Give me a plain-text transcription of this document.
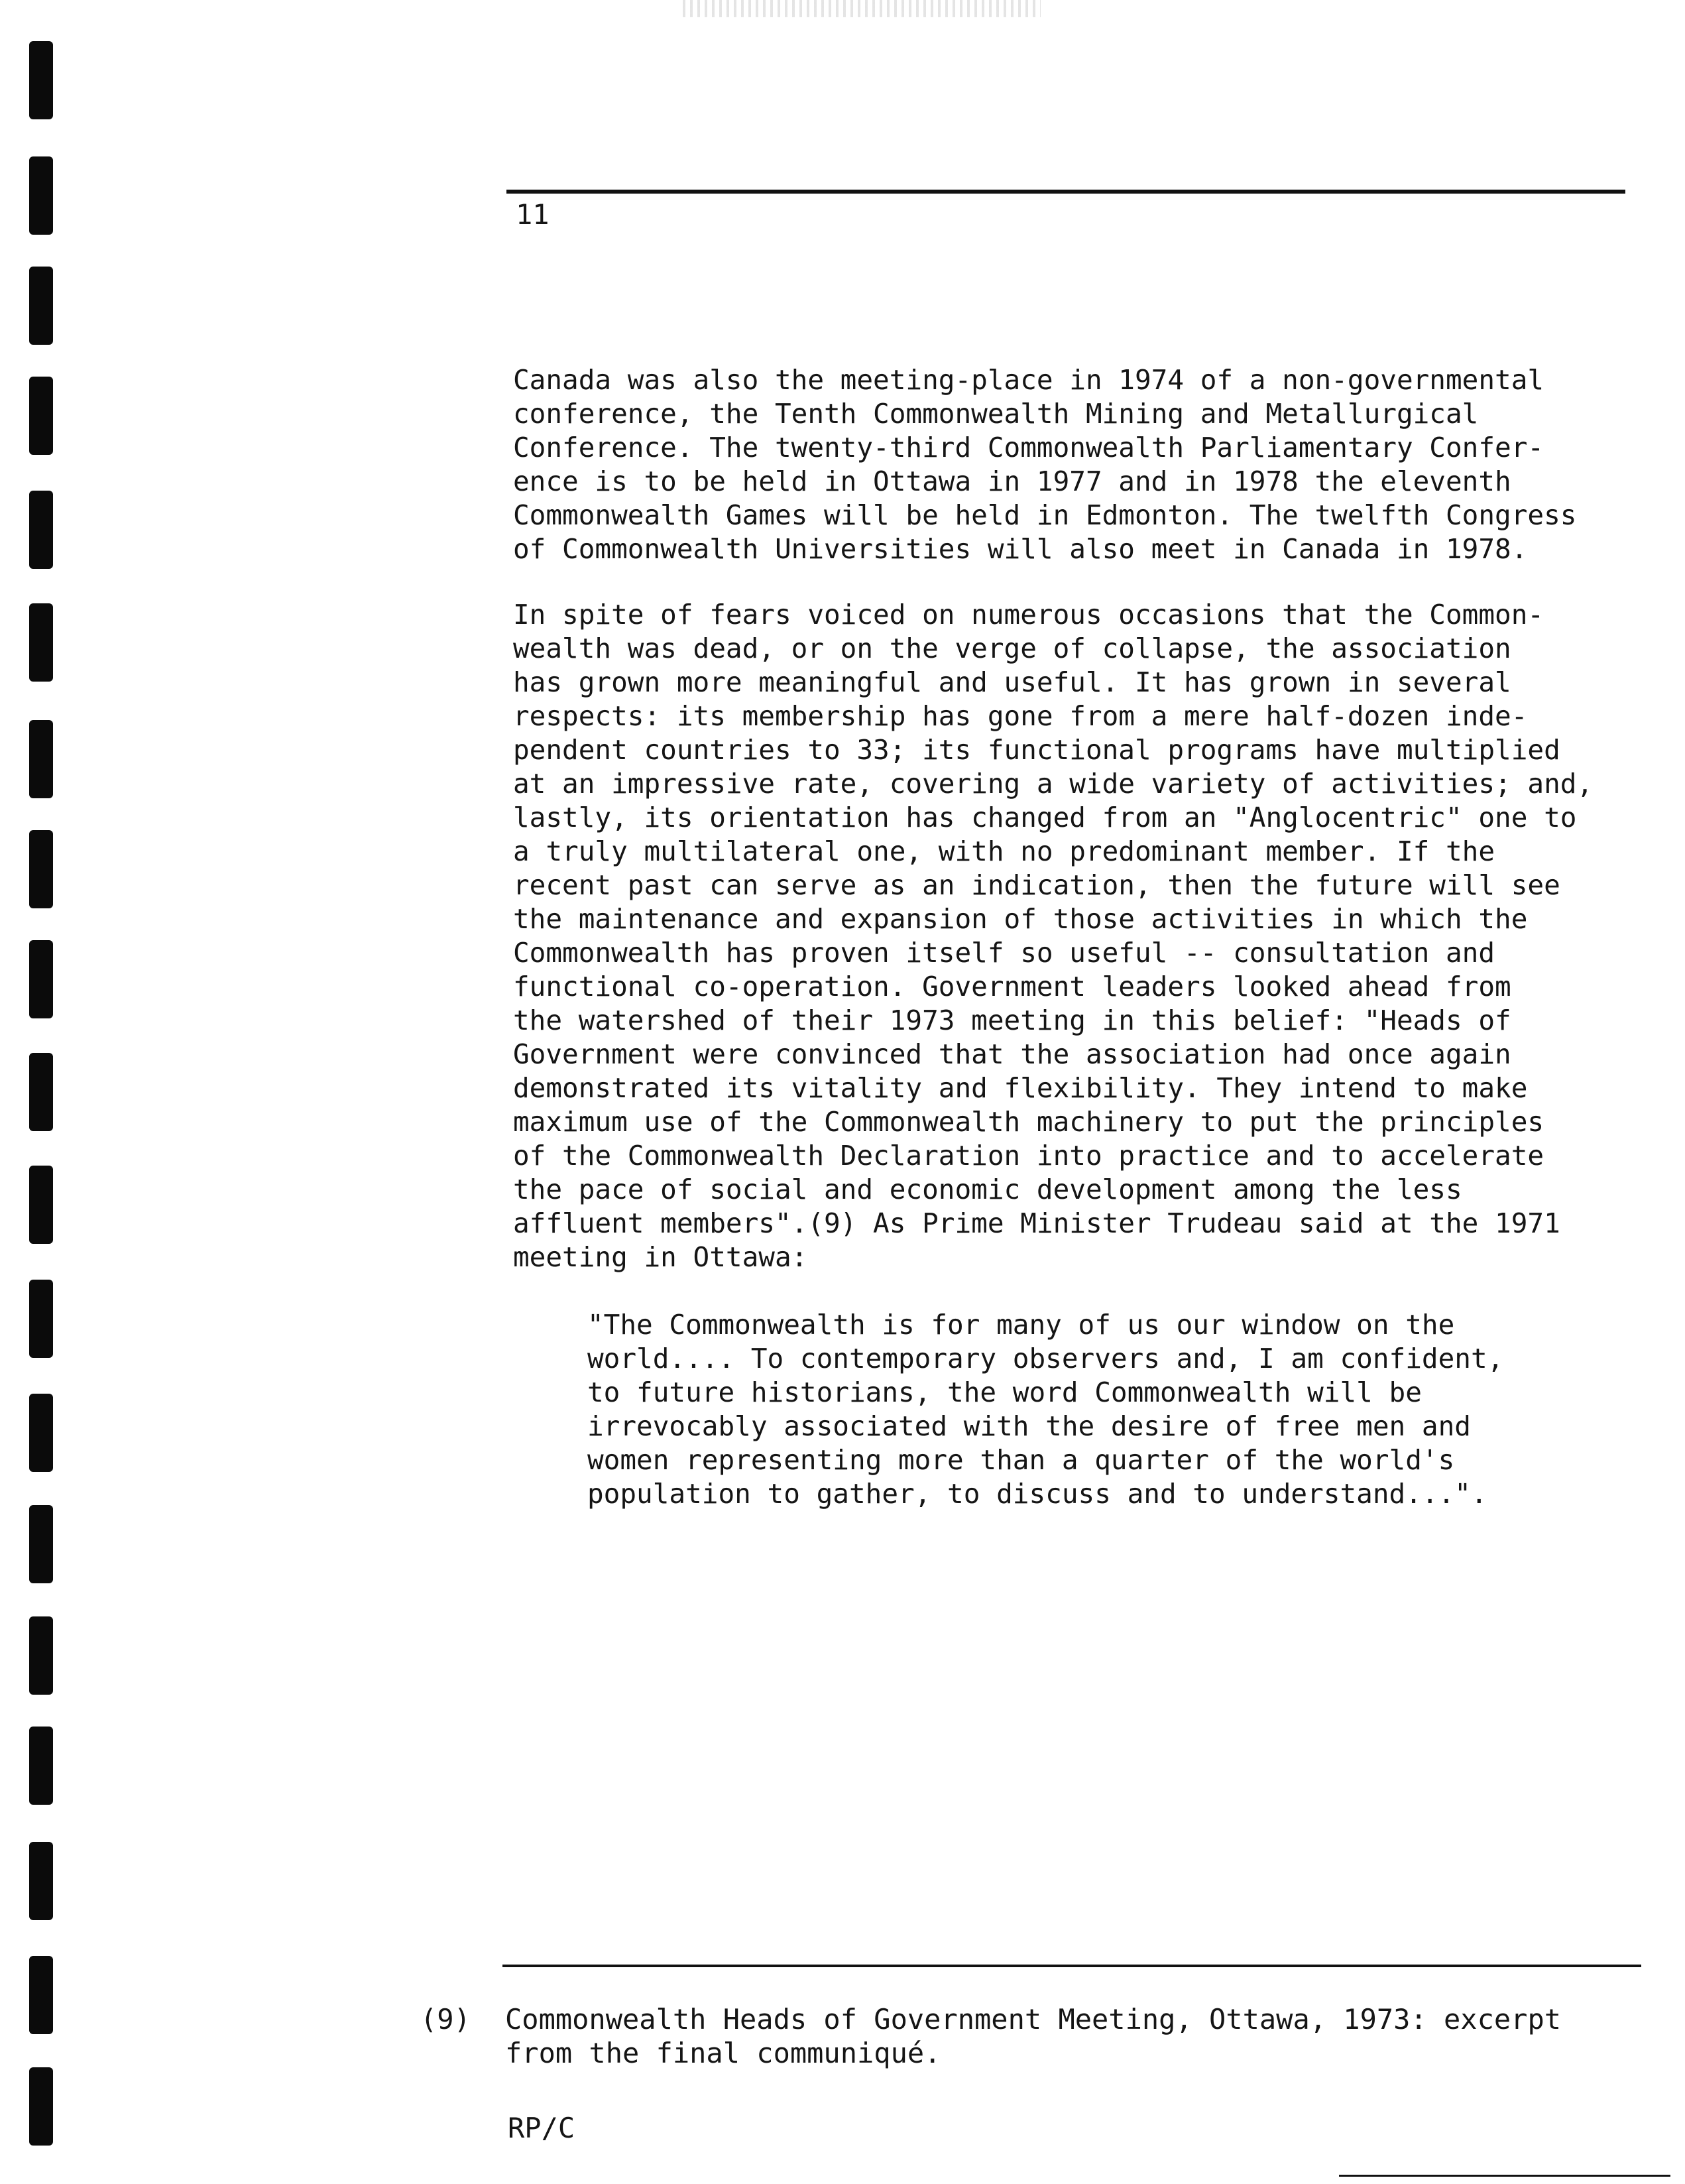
11

Canada was also the meeting-place in 1974 of a non-governmental
conference, the Tenth Commonwealth Mining and Metallurgical
Conference. The twenty-third Commonwealth Parliamentary Confer-
ence is to be held in Ottawa in 1977 and in 1978 the eleventh
Commonwealth Games will be held in Edmonton. The twelfth Congress
of Commonwealth Universities will also meet in Canada in 1978.

In spite of fears voiced on numerous occasions that the Common-
wealth was dead, or on the verge of collapse, the association
has grown more meaningful and useful. It has grown in several
respects: its membership has gone from a mere half-dozen inde-
pendent countries to 33; its functional programs have multiplied
at an impressive rate, covering a wide variety of activities; and,
lastly, its orientation has changed from an "Anglocentric" one to
a truly multilateral one, with no predominant member. If the
recent past can serve as an indication, then the future will see
the maintenance and expansion of those activities in which the
Commonwealth has proven itself so useful -- consultation and
functional co-operation. Government leaders looked ahead from
the watershed of their 1973 meeting in this belief: "Heads of
Government were convinced that the association had once again
demonstrated its vitality and flexibility. They intend to make
maximum use of the Commonwealth machinery to put the principles
of the Commonwealth Declaration into practice and to accelerate
the pace of social and economic development among the less
affluent members".(9) As Prime Minister Trudeau said at the 1971
meeting in Ottawa:

"The Commonwealth is for many of us our window on the
world.... To contemporary observers and, I am confident,
to future historians, the word Commonwealth will be
irrevocably associated with the desire of free men and
women representing more than a quarter of the world's
population to gather, to discuss and to understand...".

(9) Commonwealth Heads of Government Meeting, Ottawa, 1973: excerpt
from the final communiqué.

RP/C
